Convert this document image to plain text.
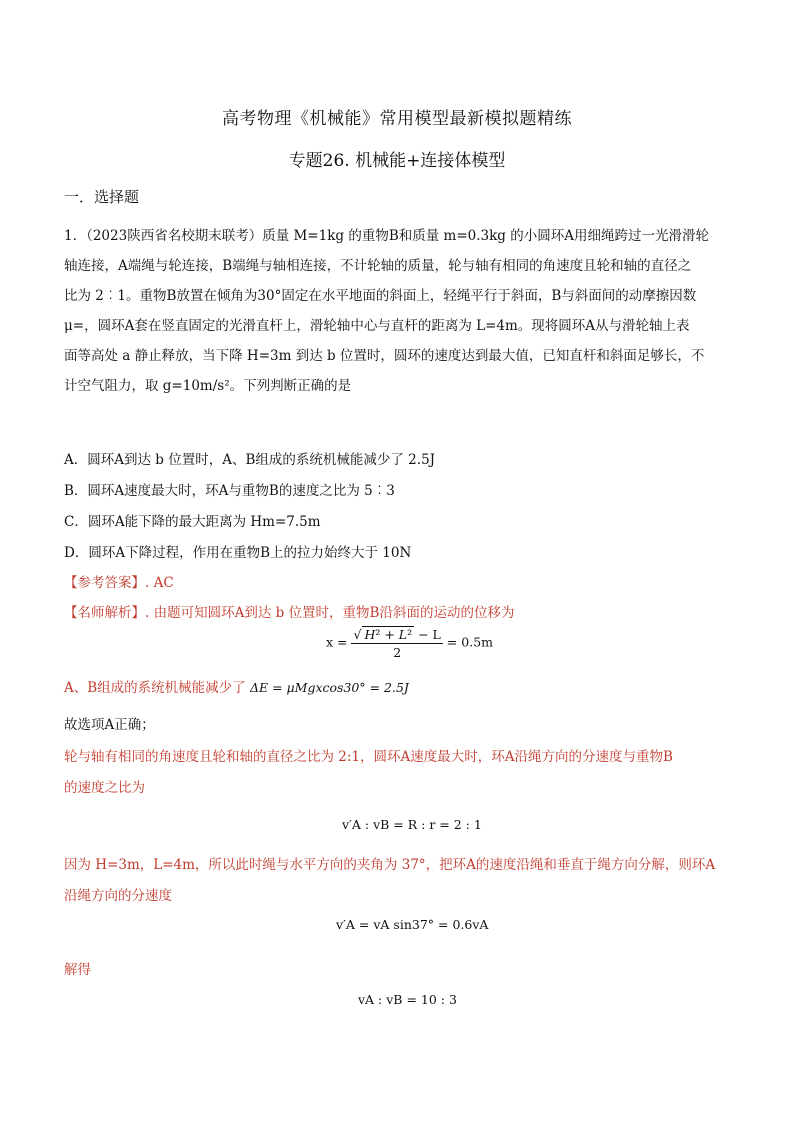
高考物理《机械能》常用模型最新模拟题精练
专题26. 机械能+连接体模型
一．选择题
1．（2023陕西省名校期末联考）质量 M=1kg 的重物B和质量 m=0.3kg 的小圆环A用细绳跨过一光滑滑轮
轴连接，A端绳与轮连接，B端绳与轴相连接，不计轮轴的质量，轮与轴有相同的角速度且轮和轴的直径之
比为 2︰1。重物B放置在倾角为30°固定在水平地面的斜面上，轻绳平行于斜面，B与斜面间的动摩擦因数
μ=，圆环A套在竖直固定的光滑直杆上，滑轮轴中心与直杆的距离为 L=4m。现将圆环A从与滑轮轴上表
面等高处 a 静止释放，当下降 H=3m 到达 b 位置时，圆环的速度达到最大值，已知直杆和斜面足够长，不
计空气阻力，取 g=10m/s²。下列判断正确的是
A．圆环A到达 b 位置时，A、B组成的系统机械能减少了 2.5J
B．圆环A速度最大时，环A与重物B的速度之比为 5︰3
C．圆环A能下降的最大距离为 Hm=7.5m
D．圆环A下降过程，作用在重物B上的拉力始终大于 10N
【参考答案】. AC
【名师解析】. 由题可知圆环A到达 b 位置时，重物B沿斜面的运动的位移为
$x = \frac{\text{√ H² + L² − L}}{2} = 0.5m$
A、B组成的系统机械能减少了 ΔE = μMgxcos30° = 2.5J
故选项A正确；
轮与轴有相同的角速度且轮和轴的直径之比为 2:1，圆环A速度最大时，环A沿绳方向的分速度与重物B
的速度之比为
v′A : vB = R : r = 2 : 1
因为 H=3m，L=4m，所以此时绳与水平方向的夹角为 37°，把环A的速度沿绳和垂直于绳方向分解，则环A
沿绳方向的分速度
v′A = vA sin37° = 0.6vA
解得
vA : vB = 10 : 3
